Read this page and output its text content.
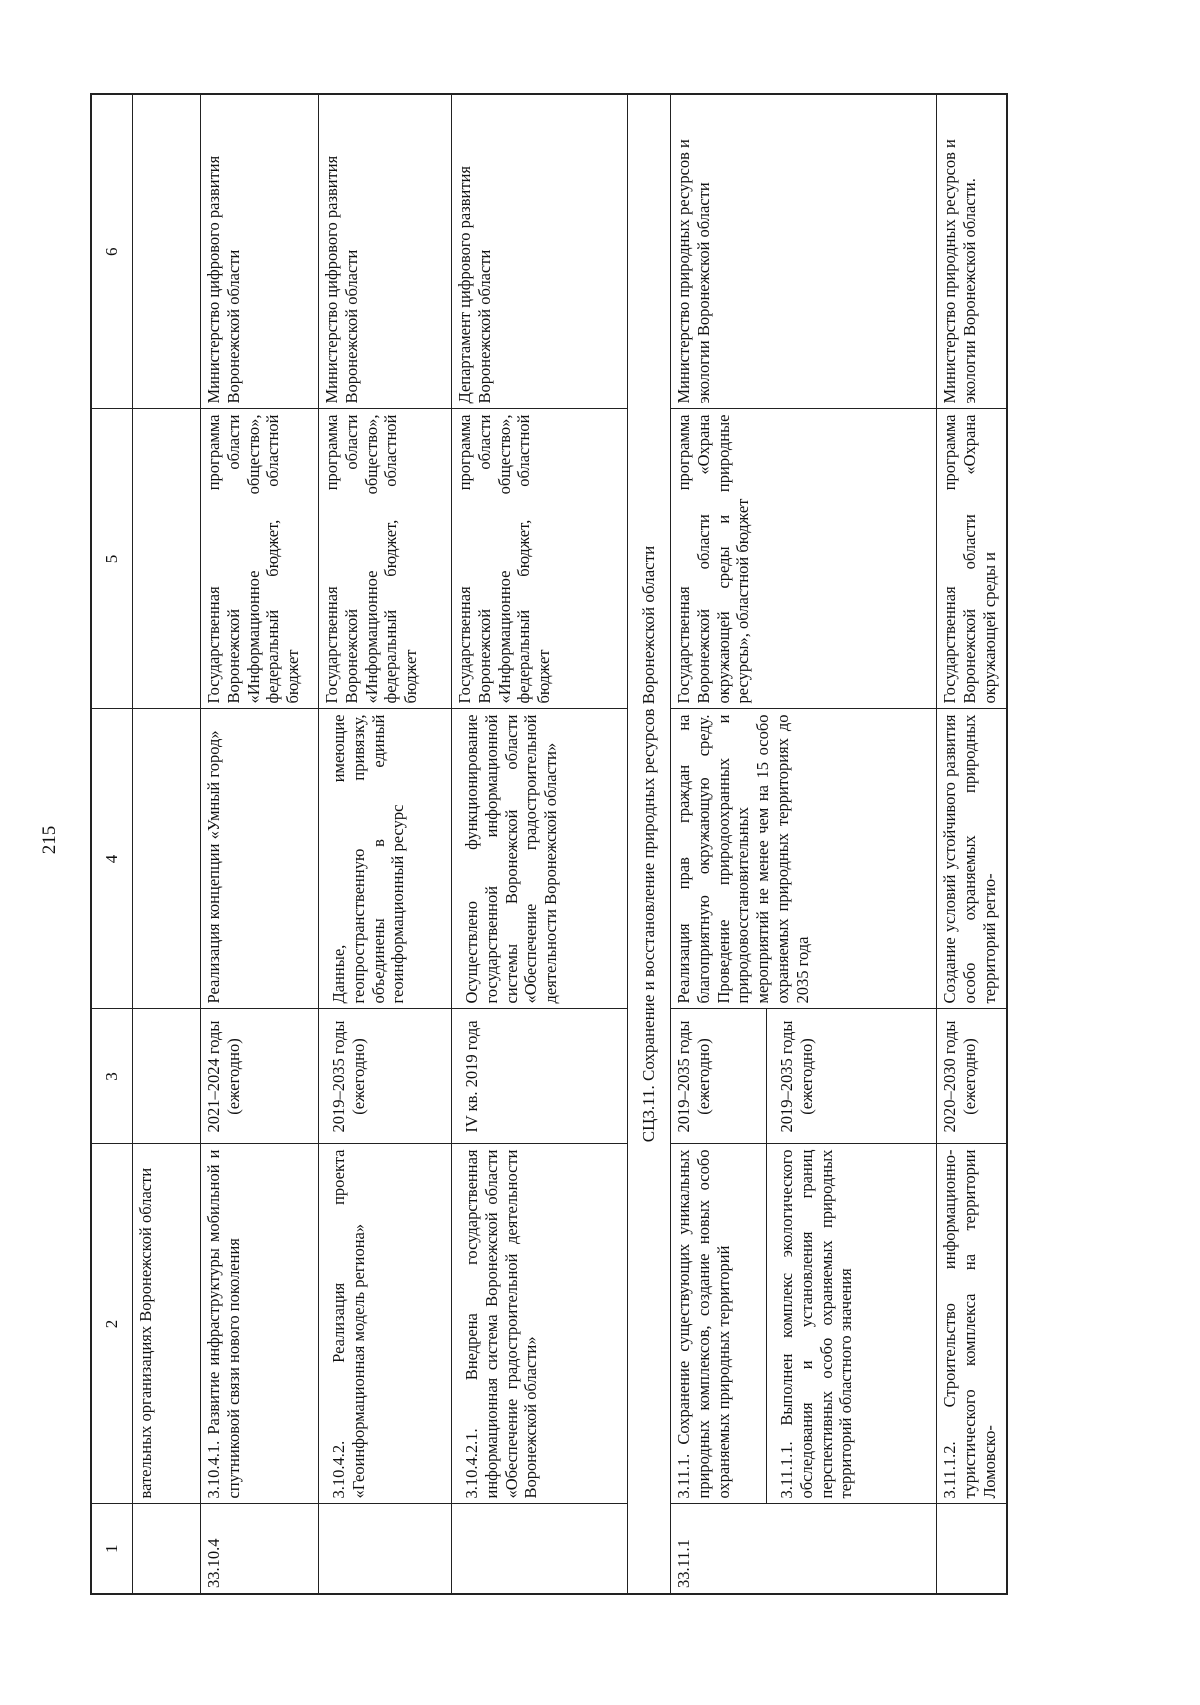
215
1	2	3	4	5	6
	вательных организациях Воронежской области				
33.10.4	3.10.4.1. Развитие инфраструктуры мобильной и спутниковой связи нового поколения	2021–2024 годы (ежегодно)	Реализация концепции «Умный город»	Государственная программа Воронежской области «Информационное общество», федеральный бюджет, областной бюджет	Министерство цифрового развития Воронежской области
	3.10.4.2. Реализация проекта «Геоинформационная модель региона»	2019–2035 годы (ежегодно)	Данные, имеющие геопространственную привязку, объединены в единый геоинформационный ресурс	Государственная программа Воронежской области «Информационное общество», федеральный бюджет, областной бюджет	Министерство цифрового развития Воронежской области
	3.10.4.2.1. Внедрена государственная информационная система Воронежской области «Обеспечение градостроительной деятельности Воронежской области»	IV кв. 2019 года	Осуществлено функционирование государственной информационной системы Воронежской области «Обеспечение градостроительной деятельности Воронежской области»	Государственная программа Воронежской области «Информационное общество», федеральный бюджет, областной бюджет	Департамент цифрового развития Воронежской области
СЦ3.11. Сохранение и восстановление природных ресурсов Воронежской области					
33.11.1	3.11.1. Сохранение существующих уникальных природных комплексов, создание новых особо охраняемых природных территорий	2019–2035 годы (ежегодно)	Реализация прав граждан на благоприятную окружающую среду. Проведение природоохранных и природовосстановительных мероприятий не менее чем на 15 особо охраняемых природных территориях до 2035 года	Государственная программа Воронежской области «Охрана окружающей среды и природные ресурсы», областной бюджет	Министерство природных ресурсов и экологии Воронежской области
	3.11.1.1. Выполнен комплекс экологического обследования и установления границ перспективных особо охраняемых природных территорий областного значения	2019–2035 годы (ежегодно)			
	3.11.1.2. Строительство информационно-туристического комплекса на территории Ломовско-	2020–2030 годы (ежегодно)	Создание условий устойчивого развития особо охраняемых природных территорий регио-	Государственная программа Воронежской области «Охрана окружающей среды и	Министерство природных ресурсов и экологии Воронежской области.
